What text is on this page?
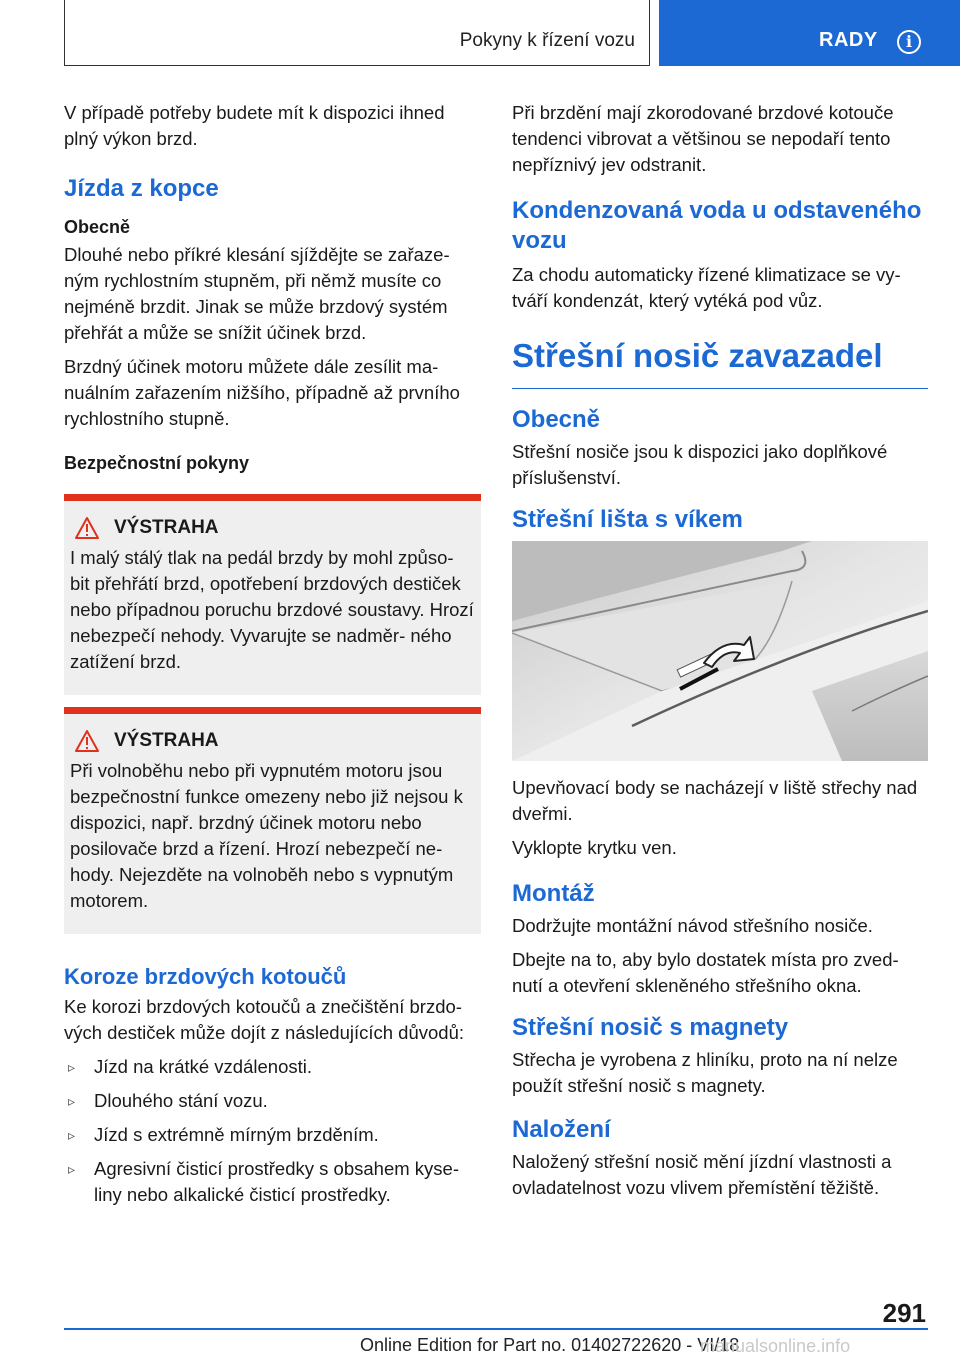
Pokyny k řízení vozu	RADY	i

V případě potřeby budete mít k dispozici ihned plný výkon brzd.

Jízda z kopce
Obecně

Dlouhé nebo příkré klesání sjíždějte se zařaze- ným rychlostním stupněm, při němž musíte co nejméně brzdit. Jinak se může brzdový systém přehřát a může se snížit účinek brzd.

Brzdný účinek motoru můžete dále zesílit ma- nuálním zařazením nižšího, případně až prvního rychlostního stupně.

Bezpečnostní pokyny
VÝSTRAHA

I malý stálý tlak na pedál brzdy by mohl způso- bit přehřátí brzd, opotřebení brzdových destiček nebo případnou poruchu brzdové soustavy. Hrozí nebezpečí nehody. Vyvarujte se nadměr- ného zatížení brzd.

VÝSTRAHA

Při volnoběhu nebo při vypnutém motoru jsou bezpečnostní funkce omezeny nebo již nejsou k dispozici, např. brzdný účinek motoru nebo posilovače brzd a řízení. Hrozí nebezpečí ne- hody. Nejezděte na volnoběh nebo s vypnutým motorem.

Koroze brzdových kotoučů

Ke korozi brzdových kotoučů a znečištění brzdo- vých destiček může dojít z následujících důvodů:

▹ Jízd na krátké vzdálenosti.
▹ Dlouhého stání vozu.
▹ Jízd s extrémně mírným brzděním.
▹ Agresivní čisticí prostředky s obsahem kyse- liny nebo alkalické čisticí prostředky.

Při brzdění mají zkorodované brzdové kotouče tendenci vibrovat a většinou se nepodaří tento nepříznivý jev odstranit.

Kondenzovaná voda u odstaveného vozu

Za chodu automaticky řízené klimatizace se vy- tváří kondenzát, který vytéká pod vůz.

Střešní nosič zavazadel
Obecně

Střešní nosiče jsou k dispozici jako doplňkové příslušenství.

Střešní lišta s víkem

Upevňovací body se nacházejí v liště střechy nad dveřmi.

Vyklopte krytku ven.

Montáž

Dodržujte montážní návod střešního nosiče.

Dbejte na to, aby bylo dostatek místa pro zved- nutí a otevření skleněného střešního okna.

Střešní nosič s magnety

Střecha je vyrobena z hliníku, proto na ní nelze použít střešní nosič s magnety.

Naložení

Naložený střešní nosič mění jízdní vlastnosti a ovladatelnost vozu vlivem přemístění těžiště.

291
Online Edition for Part no. 01402722620 - VI/18
manualsonline.info
